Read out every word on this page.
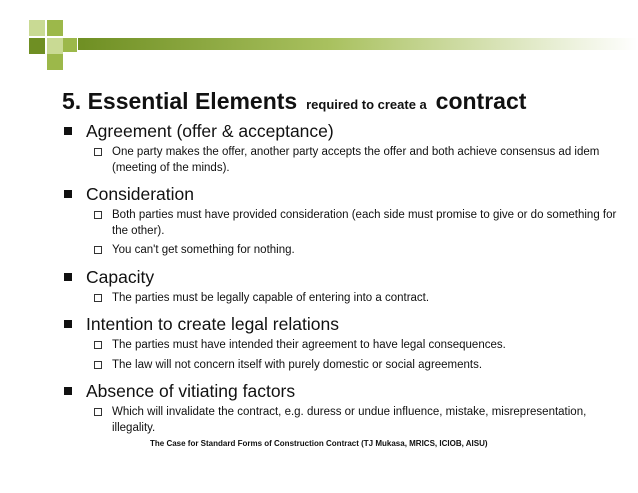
5. Essential Elements required to create a contract
Agreement (offer & acceptance)
One party makes the offer, another party accepts the offer and both achieve consensus ad idem (meeting of the minds).
Consideration
Both parties must have provided consideration (each side must promise to give or do something for the other).
You can't get something for nothing.
Capacity
The parties must be legally capable of entering into a contract.
Intention to create legal relations
The parties must have intended their agreement to have legal consequences.
The law will not concern itself with purely domestic or social agreements.
Absence of vitiating factors
Which will invalidate the contract, e.g. duress or undue influence, mistake, misrepresentation, illegality.
The Case for Standard Forms of Construction Contract (TJ Mukasa, MRICS, ICIOB, AISU)
